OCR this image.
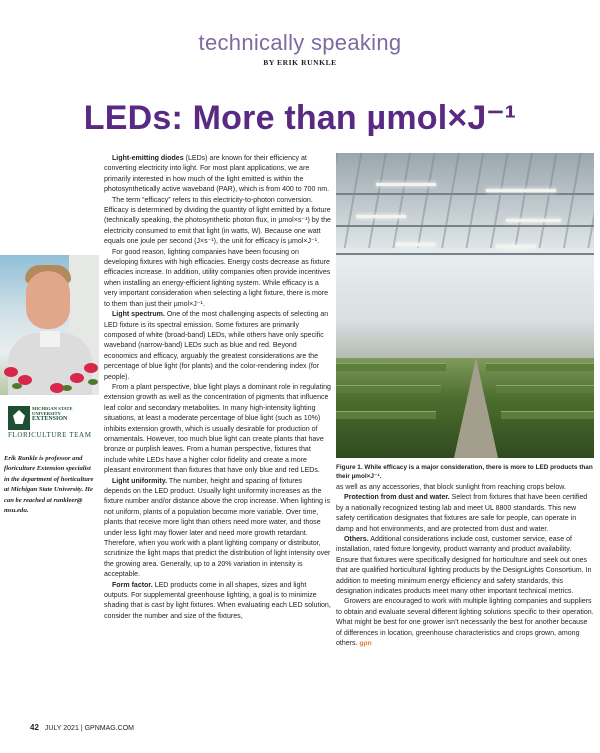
technically speaking
BY ERIK RUNKLE
LEDs: More than µmol×J⁻¹
MICHIGAN STATE
UNIVERSITY
EXTENSION
FLORICULTURE TEAM
Erik Runkle is professor and floriculture Extension specialist in the department of horticulture at Michigan State University. He can be reached at runkleer@ msu.edu.

Light-emitting diodes (LEDs) are known for their efficiency at converting electricity into light. For most plant applications, we are primarily interested in how much of the light emitted is within the photosynthetically active waveband (PAR), which is from 400 to 700 nm.

The term “efficacy” refers to this electricity-to-photon conversion. Efficacy is determined by dividing the quantity of light emitted by a fixture (technically speaking, the photosynthetic photon flux, in µmol×s⁻¹) by the electricity consumed to emit that light (in watts, W). Because one watt equals one joule per second (J×s⁻¹), the unit for efficacy is µmol×J⁻¹.

For good reason, lighting companies have been focusing on developing fixtures with high efficacies. Energy costs decrease as fixture efficacies increase. In addition, utility companies often provide incentives when installing an energy-efficient lighting system. While efficacy is a very important consideration when selecting a light fixture, there is more to them than just their µmol×J⁻¹.

Light spectrum. One of the most challenging aspects of selecting an LED fixture is its spectral emission. Some fixtures are primarily composed of white (broad-band) LEDs, while others have only specific waveband (narrow-band) LEDs such as blue and red. Beyond economics and efficacy, arguably the greatest considerations are the percentage of blue light (for plants) and the color-rendering index (for people).

From a plant perspective, blue light plays a dominant role in regulating extension growth as well as the concentration of pigments that influence leaf color and secondary metabolites. In many high-intensity lighting situations, at least a moderate percentage of blue light (such as 10%) inhibits extension growth, which is usually desirable for production of ornamentals. However, too much blue light can create plants that have bronze or purplish leaves. From a human perspective, fixtures that include white LEDs have a higher color fidelity and create a more pleasant environment than fixtures that have only blue and red LEDs.

Light uniformity. The number, height and spacing of fixtures depends on the LED product. Usually light uniformity increases as the fixture number and/or distance above the crop increase. When lighting is not uniform, plants of a population become more variable. Over time, plants that receive more light than others need more water, and those under less light may flower later and need more growth retardant. Therefore, when you work with a plant lighting company or distributor, scrutinize the light maps that predict the distribution of light intensity over the growing area. Generally, up to a 20% variation in intensity is acceptable.

Form factor. LED products come in all shapes, sizes and light outputs. For supplemental greenhouse lighting, a goal is to minimize shading that is cast by light fixtures. When evaluating each LED solution, consider the number and size of the fixtures,

Figure 1. While efficacy is a major consideration, there is more to LED products than their µmol×J⁻¹.

as well as any accessories, that block sunlight from reaching crops below.

Protection from dust and water. Select from fixtures that have been certified by a nationally recognized testing lab and meet UL 8800 standards. This new safety certification designates that fixtures are safe for people, can operate in damp and hot environments, and are protected from dust and water.

Others. Additional considerations include cost, customer service, ease of installation, rated fixture longevity, product warranty and product availability. Ensure that fixtures were specifically designed for horticulture and seek out ones that are qualified horticultural lighting products by the DesignLights Consortium. In addition to meeting minimum energy efficiency and safety standards, this designation indicates products meet many other important technical metrics.

Growers are encouraged to work with multiple lighting companies and suppliers to obtain and evaluate several different lighting solutions specific to their operation. What might be best for one grower isn’t necessarily the best for another because of differences in location, greenhouse characteristics and crops grown, among others. gpn

42 JULY 2021 | GPNMAG.COM
